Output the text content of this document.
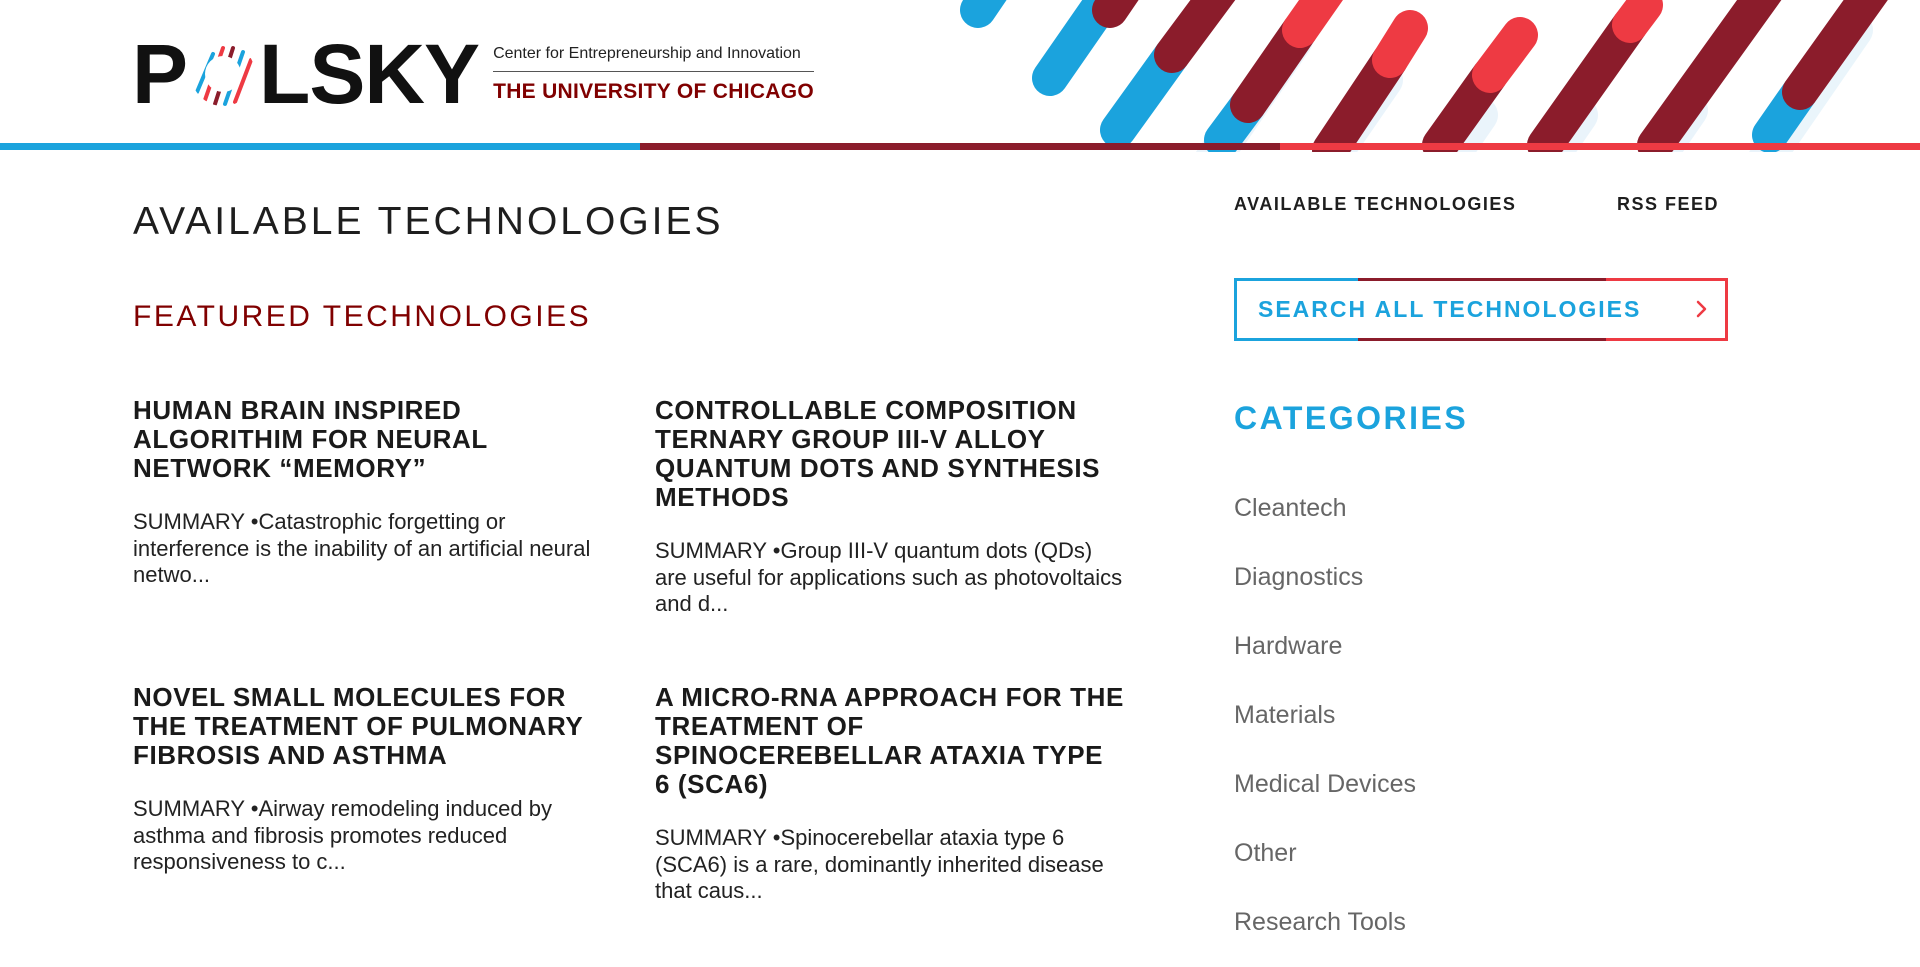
P LSKY Center for Entrepreneurship and Innovation
THE UNIVERSITY OF CHICAGO
AVAILABLE TECHNOLOGIES
FEATURED TECHNOLOGIES
HUMAN BRAIN INSPIRED ALGORITHIM FOR NEURAL NETWORK “MEMORY”
SUMMARY •Catastrophic forgetting or interference is the inability of an artificial neural netwo...
CONTROLLABLE COMPOSITION TERNARY GROUP III-V ALLOY QUANTUM DOTS AND SYNTHESIS METHODS
SUMMARY •Group III-V quantum dots (QDs) are useful for applications such as photovoltaics and d...
NOVEL SMALL MOLECULES FOR THE TREATMENT OF PULMONARY FIBROSIS AND ASTHMA
SUMMARY •Airway remodeling induced by asthma and fibrosis promotes reduced responsiveness to c...
A MICRO-RNA APPROACH FOR THE TREATMENT OF SPINOCEREBELLAR ATAXIA TYPE 6 (SCA6)
SUMMARY •Spinocerebellar ataxia type 6 (SCA6) is a rare, dominantly inherited disease that caus...
AVAILABLE TECHNOLOGIES	RSS FEED
SEARCH ALL TECHNOLOGIES
CATEGORIES
Cleantech
Diagnostics
Hardware
Materials
Medical Devices
Other
Research Tools
